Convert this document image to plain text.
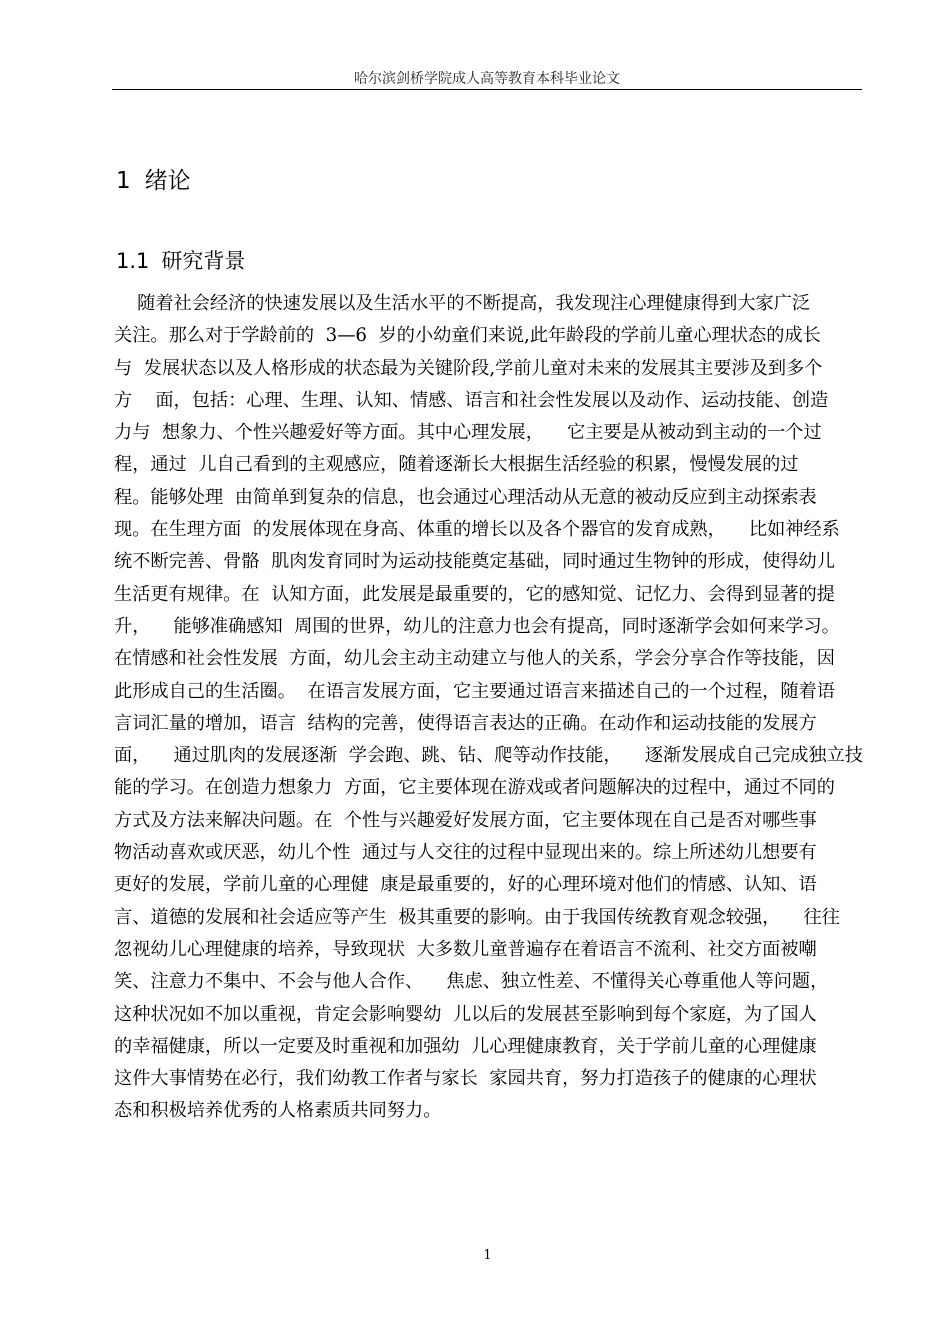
哈尔滨剑桥学院成人高等教育本科毕业论文
1 绪论
1.1 研究背景
随着社会经济的快速发展以及生活水平的不断提高，我发现注心理健康得到大家广泛
关注。那么对于学龄前的  3—6  岁的小幼童们来说,此年龄段的学前儿童心理状态的成长
与  发展状态以及人格形成的状态最为关键阶段,学前儿童对未来的发展其主要涉及到多个
方    面，包括：心理、生理、认知、情感、语言和社会性发展以及动作、运动技能、创造
力与  想象力、个性兴趣爱好等方面。其中心理发展，    它主要是从被动到主动的一个过
程，通过  儿自己看到的主观感应，随着逐渐长大根据生活经验的积累，慢慢发展的过
程。能够处理  由简单到复杂的信息，也会通过心理活动从无意的被动反应到主动探索表
现。在生理方面  的发展体现在身高、体重的增长以及各个器官的发育成熟，    比如神经系
统不断完善、骨骼  肌肉发育同时为运动技能奠定基础，同时通过生物钟的形成，使得幼儿
生活更有规律。在  认知方面，此发展是最重要的，它的感知觉、记忆力、会得到显著的提
升，    能够准确感知  周围的世界，幼儿的注意力也会有提高，同时逐渐学会如何来学习。
在情感和社会性发展  方面，幼儿会主动主动建立与他人的关系，学会分享合作等技能，因
此形成自己的生活圈。  在语言发展方面，它主要通过语言来描述自己的一个过程，随着语
言词汇量的增加，语言  结构的完善，使得语言表达的正确。在动作和运动技能的发展方
面，    通过肌肉的发展逐渐  学会跑、跳、钻、爬等动作技能，    逐渐发展成自己完成独立技
能的学习。在创造力想象力  方面，它主要体现在游戏或者问题解决的过程中，通过不同的
方式及方法来解决问题。在  个性与兴趣爱好发展方面，它主要体现在自己是否对哪些事
物活动喜欢或厌恶，幼儿个性  通过与人交往的过程中显现出来的。综上所述幼儿想要有
更好的发展，学前儿童的心理健  康是最重要的，好的心理环境对他们的情感、认知、语
言、道德的发展和社会适应等产生  极其重要的影响。由于我国传统教育观念较强，    往往
忽视幼儿心理健康的培养，导致现状  大多数儿童普遍存在着语言不流利、社交方面被嘲
笑、注意力不集中、不会与他人合作、    焦虑、独立性差、不懂得关心尊重他人等问题，
这种状况如不加以重视，肯定会影响婴幼  儿以后的发展甚至影响到每个家庭，为了国人
的幸福健康，所以一定要及时重视和加强幼  儿心理健康教育，关于学前儿童的心理健康
这件大事情势在必行，我们幼教工作者与家长  家园共育，努力打造孩子的健康的心理状
态和积极培养优秀的人格素质共同努力。
1
